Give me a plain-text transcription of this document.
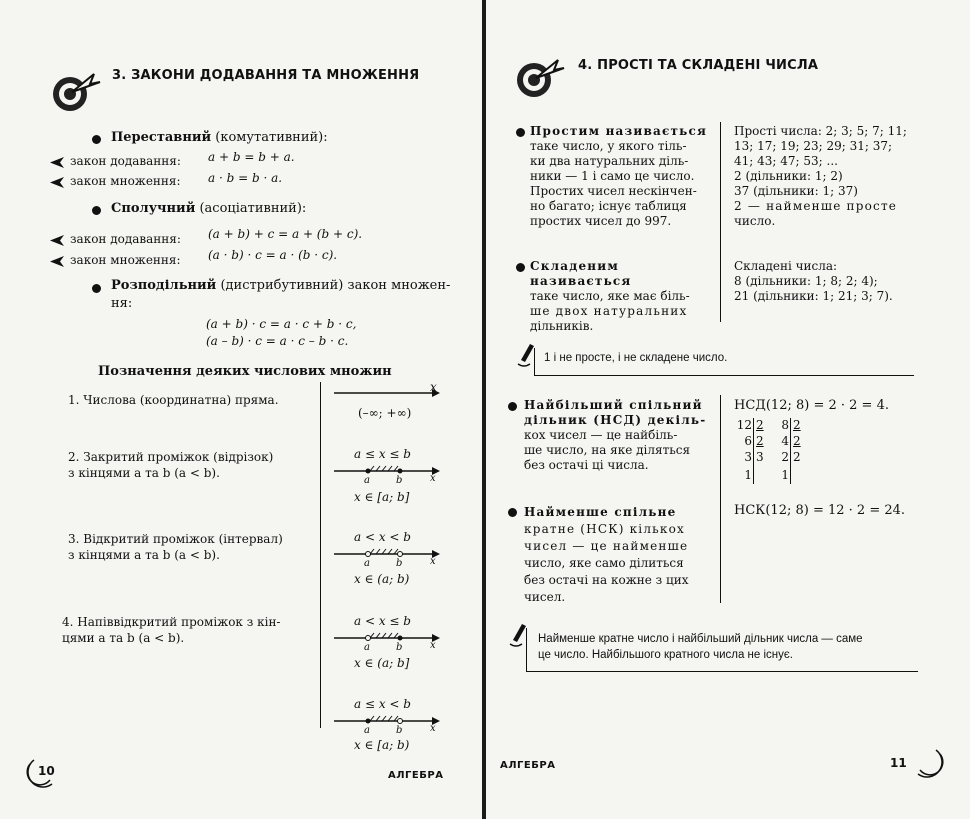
3. ЗАКОНИ ДОДАВАННЯ ТА МНОЖЕННЯ
Переставний (комутативний):
закон додавання: a + b = b + a.
закон множення: a · b = b · a.
Сполучний (асоціативний):
закон додавання: (a + b) + c = a + (b + c).
закон множення: (a · b) · c = a · (b · c).
Розподільний (дистрибутивний) закон множен-
ня:
(a + b) · c = a · c + b · c,
(a – b) · c = a · c – b · c.
Позначення деяких числових множин
1. Числова (координатна) пряма.
x
(–∞; +∞)
2. Закритий проміжок (відрізок)
з кінцями a та b (a < b).
a ≤ x ≤ b
a	b	x
x ∈ [a; b]
3. Відкритий проміжок (інтервал)
з кінцями a та b (a < b).
a < x < b
a	b	x
x ∈ (a; b)
4. Напіввідкритий проміжок з кін-
цями a та b (a < b).
a < x ≤ b
a	b	x
x ∈ (a; b]
a ≤ x < b
a	b	x
x ∈ [a; b)
10	АЛГЕБРА
4. ПРОСТІ ТА СКЛАДЕНІ ЧИСЛА
Простим називається
таке число, у якого тіль-
ки два натуральних діль-
ники — 1 і само це число.
Простих чисел нескінчен-
но багато; існує таблиця
простих чисел до 997.
Прості числа: 2; 3; 5; 7; 11;
13; 17; 19; 23; 29; 31; 37;
41; 43; 47; 53; ...
2 (дільники: 1; 2)
37 (дільники: 1; 37)
2 — найменше просте
число.
Складеним називається
таке число, яке має біль-
ше двох натуральних
дільників.
Складені числа:
8 (дільники: 1; 8; 2; 4);
21 (дільники: 1; 21; 3; 7).
1 і не просте, і не складене число.
Найбільший спільний
дільник (НСД) декіль-
кох чисел — це найбіль-
ше число, на яке діляться
без остачі ці числа.
НСД(12; 8) = 2 · 2 = 4.
12 2
6 2
3 3
1
8 2
4 2
2 2
1
Найменше спільне
кратне (НСК) кількох
чисел — це найменше
число, яке само ділиться
без остачі на кожне з цих
чисел.
НСК(12; 8) = 12 · 2 = 24.
Найменше кратне число і найбільший дільник числа — саме
це число. Найбільшого кратного числа не існує.
АЛГЕБРА	11
